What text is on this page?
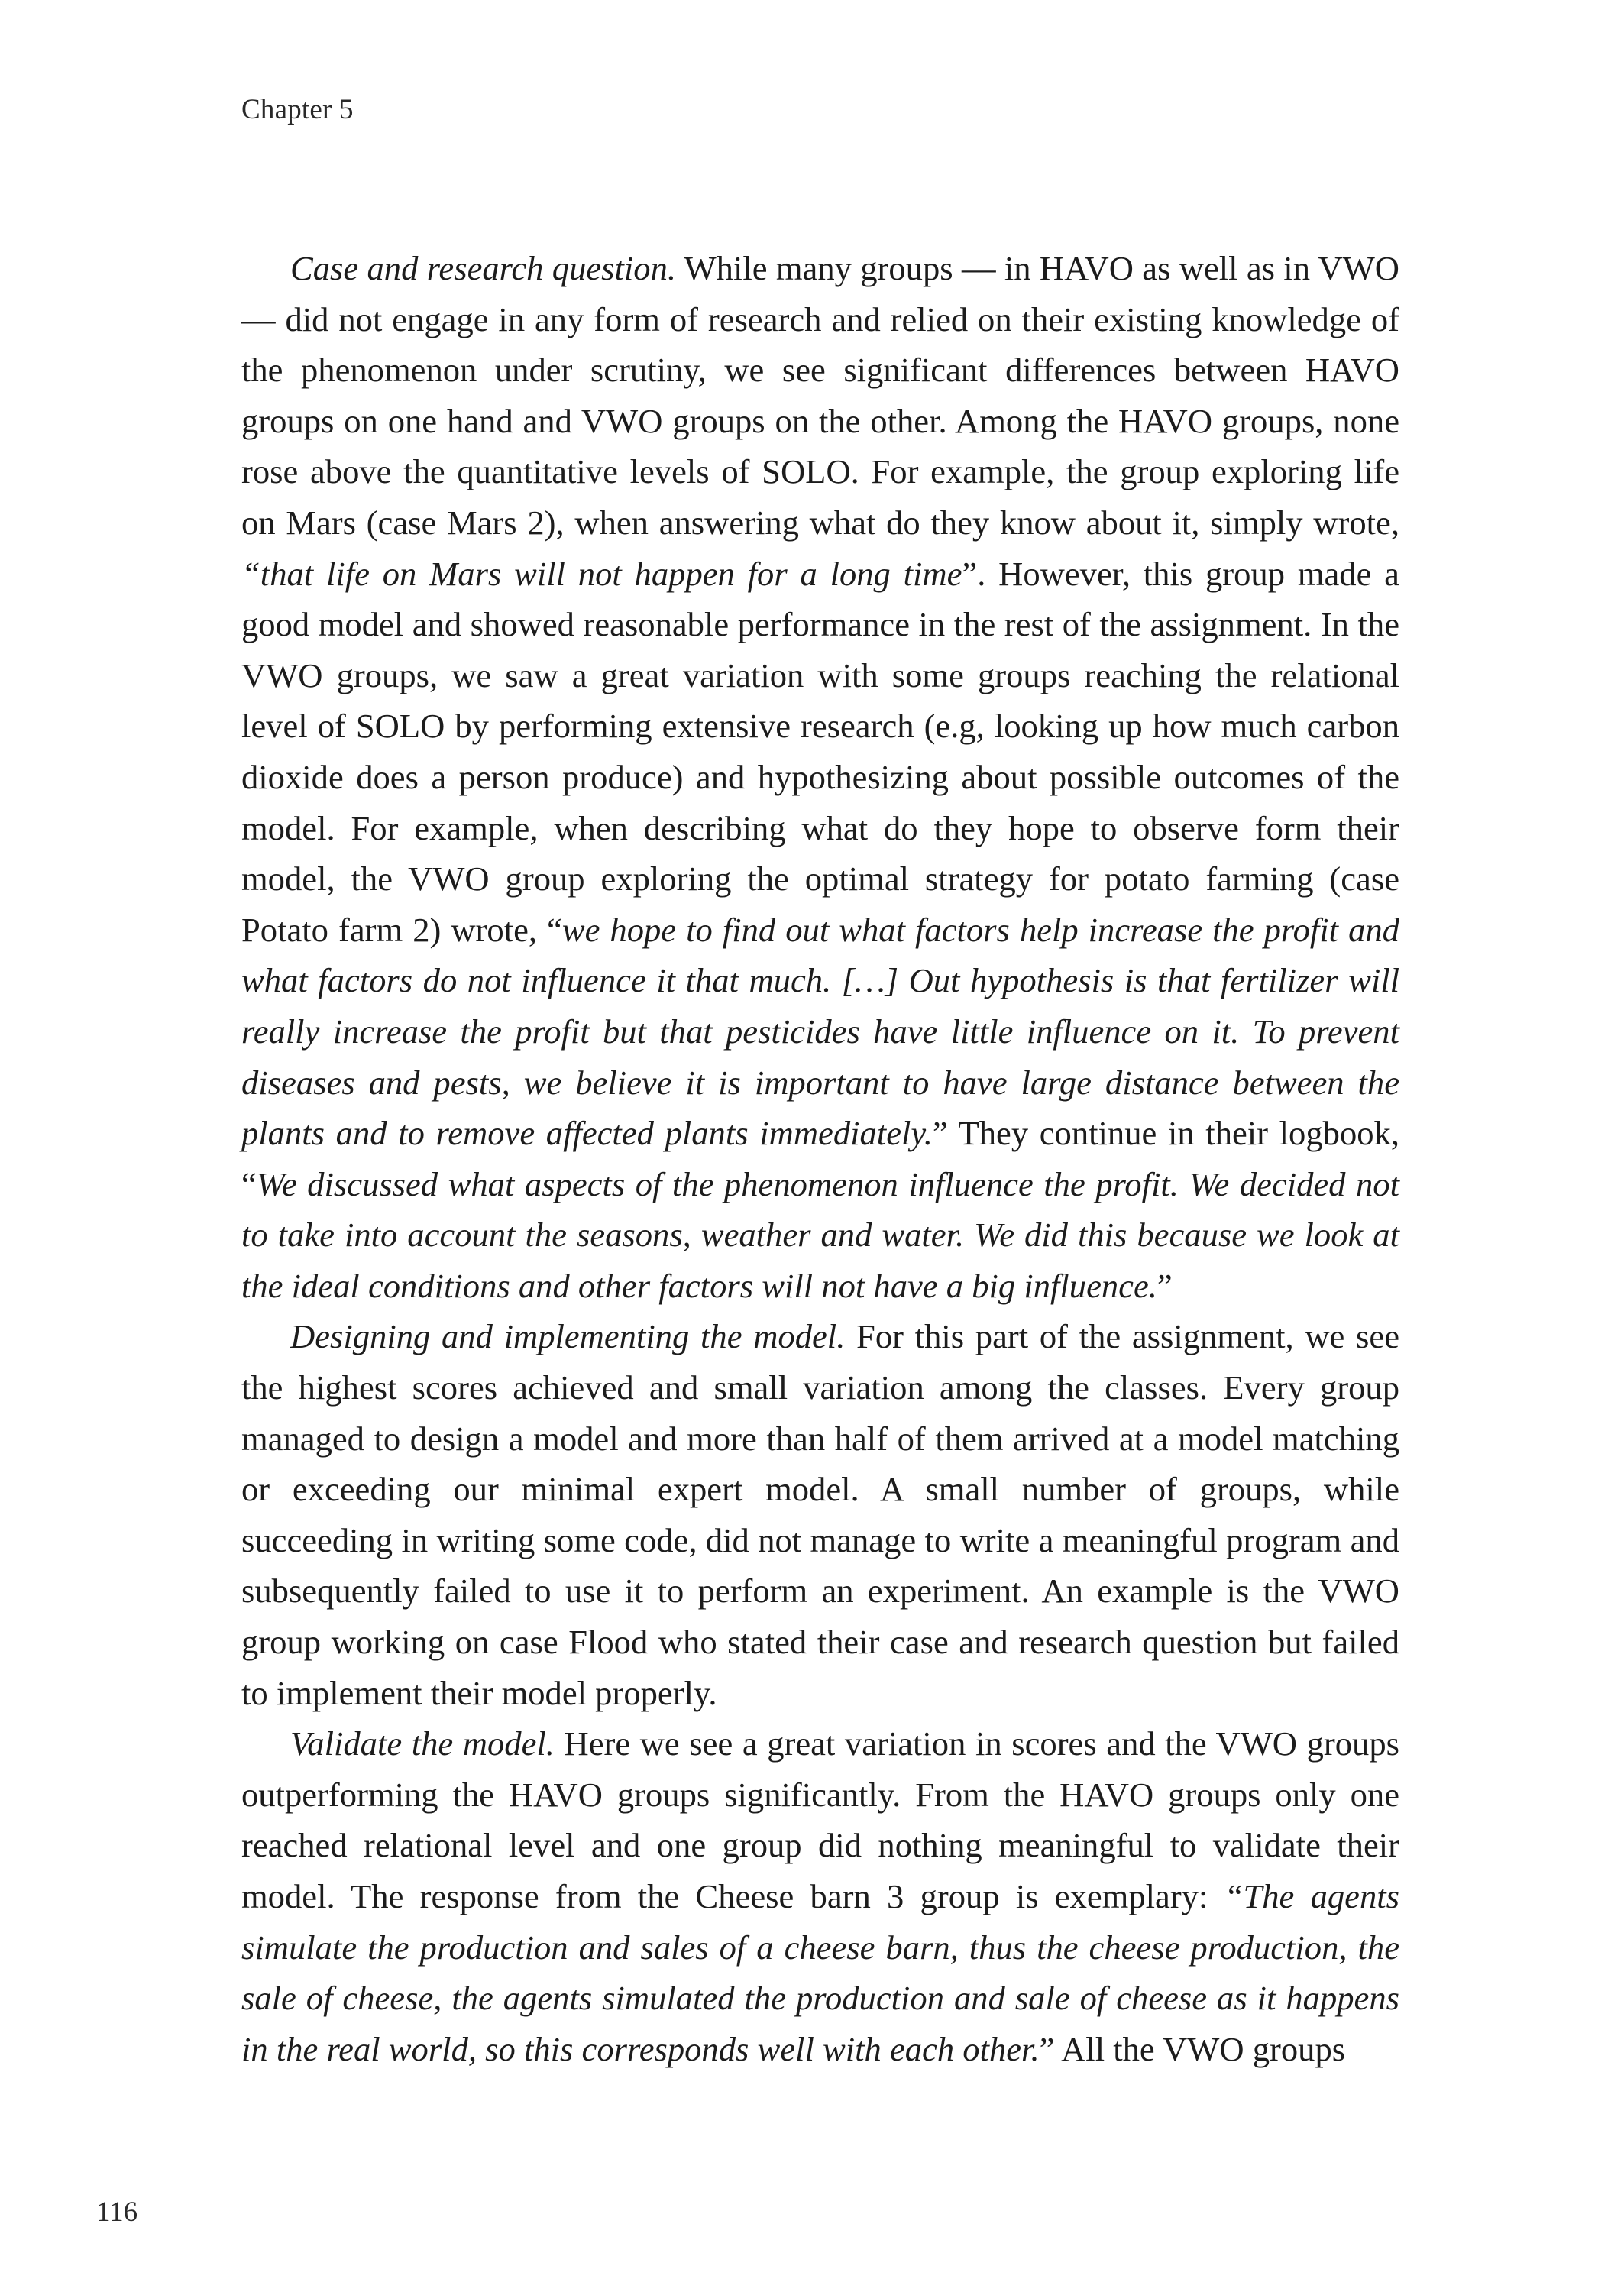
Chapter 5

Case and research question. While many groups — in HAVO as well as in VWO — did not engage in any form of research and relied on their existing knowledge of the phenomenon under scrutiny, we see significant differences between HAVO groups on one hand and VWO groups on the other. Among the HAVO groups, none rose above the quantitative levels of SOLO. For example, the group exploring life on Mars (case Mars 2), when answering what do they know about it, simply wrote, “that life on Mars will not happen for a long time”. However, this group made a good model and showed reasonable performance in the rest of the assignment. In the VWO groups, we saw a great variation with some groups reaching the relational level of SOLO by performing extensive research (e.g, looking up how much carbon dioxide does a person produce) and hypothesizing about possible outcomes of the model. For example, when describing what do they hope to observe form their model, the VWO group exploring the optimal strategy for potato farming (case Potato farm 2) wrote, “we hope to find out what factors help increase the profit and what factors do not influence it that much. […] Out hypothesis is that fertilizer will really increase the profit but that pesticides have little influence on it. To prevent diseases and pests, we believe it is important to have large distance between the plants and to remove affected plants immediately.” They continue in their logbook, “We discussed what aspects of the phenomenon influence the profit. We decided not to take into account the seasons, weather and water. We did this because we look at the ideal conditions and other factors will not have a big influence.”

Designing and implementing the model. For this part of the assignment, we see the highest scores achieved and small variation among the classes. Every group managed to design a model and more than half of them arrived at a model matching or exceeding our minimal expert model. A small number of groups, while succeeding in writing some code, did not manage to write a meaningful program and subsequently failed to use it to perform an experiment. An example is the VWO group working on case Flood who stated their case and research question but failed to implement their model properly.

Validate the model. Here we see a great variation in scores and the VWO groups outperforming the HAVO groups significantly. From the HAVO groups only one reached relational level and one group did nothing meaningful to validate their model. The response from the Cheese barn 3 group is exemplary: “The agents simulate the production and sales of a cheese barn, thus the cheese production, the sale of cheese, the agents simulated the production and sale of cheese as it happens in the real world, so this corresponds well with each other.” All the VWO groups

116
